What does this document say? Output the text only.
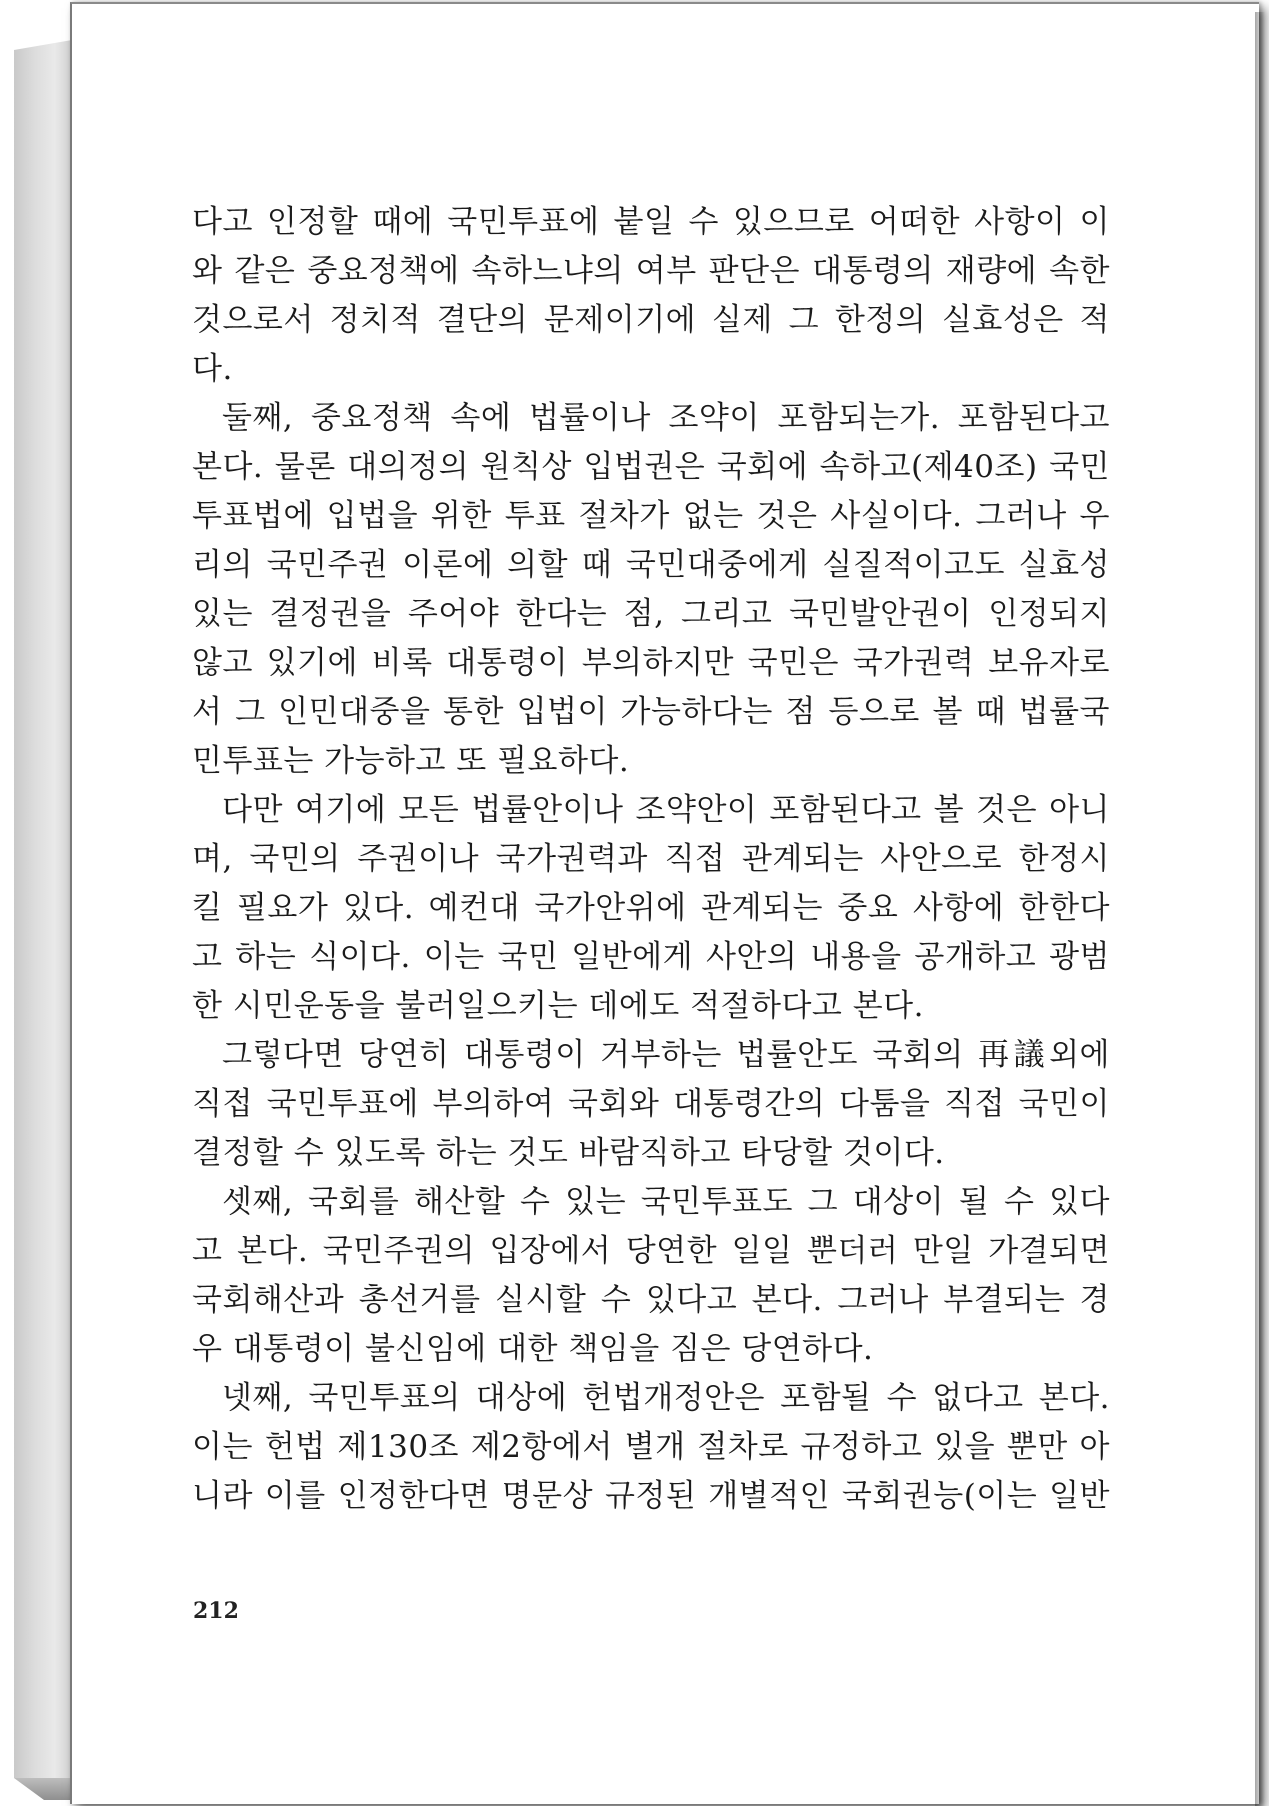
다고 인정할 때에 국민투표에 붙일 수 있으므로 어떠한 사항이 이
와 같은 중요정책에 속하느냐의 여부 판단은 대통령의 재량에 속한
것으로서 정치적 결단의 문제이기에 실제 그 한정의 실효성은 적
다.
둘째, 중요정책 속에 법률이나 조약이 포함되는가. 포함된다고
본다. 물론 대의정의 원칙상 입법권은 국회에 속하고(제40조) 국민
투표법에 입법을 위한 투표 절차가 없는 것은 사실이다. 그러나 우
리의 국민주권 이론에 의할 때 국민대중에게 실질적이고도 실효성
있는 결정권을 주어야 한다는 점, 그리고 국민발안권이 인정되지
않고 있기에 비록 대통령이 부의하지만 국민은 국가권력 보유자로
서 그 인민대중을 통한 입법이 가능하다는 점 등으로 볼 때 법률국
민투표는 가능하고 또 필요하다.
다만 여기에 모든 법률안이나 조약안이 포함된다고 볼 것은 아니
며, 국민의 주권이나 국가권력과 직접 관계되는 사안으로 한정시
킬 필요가 있다. 예컨대 국가안위에 관계되는 중요 사항에 한한다
고 하는 식이다. 이는 국민 일반에게 사안의 내용을 공개하고 광범
한 시민운동을 불러일으키는 데에도 적절하다고 본다.
그렇다면 당연히 대통령이 거부하는 법률안도 국회의 再議외에
직접 국민투표에 부의하여 국회와 대통령간의 다툼을 직접 국민이
결정할 수 있도록 하는 것도 바람직하고 타당할 것이다.
셋째, 국회를 해산할 수 있는 국민투표도 그 대상이 될 수 있다
고 본다. 국민주권의 입장에서 당연한 일일 뿐더러 만일 가결되면
국회해산과 총선거를 실시할 수 있다고 본다. 그러나 부결되는 경
우 대통령이 불신임에 대한 책임을 짐은 당연하다.
넷째, 국민투표의 대상에 헌법개정안은 포함될 수 없다고 본다.
이는 헌법 제130조 제2항에서 별개 절차로 규정하고 있을 뿐만 아
니라 이를 인정한다면 명문상 규정된 개별적인 국회권능(이는 일반
212
